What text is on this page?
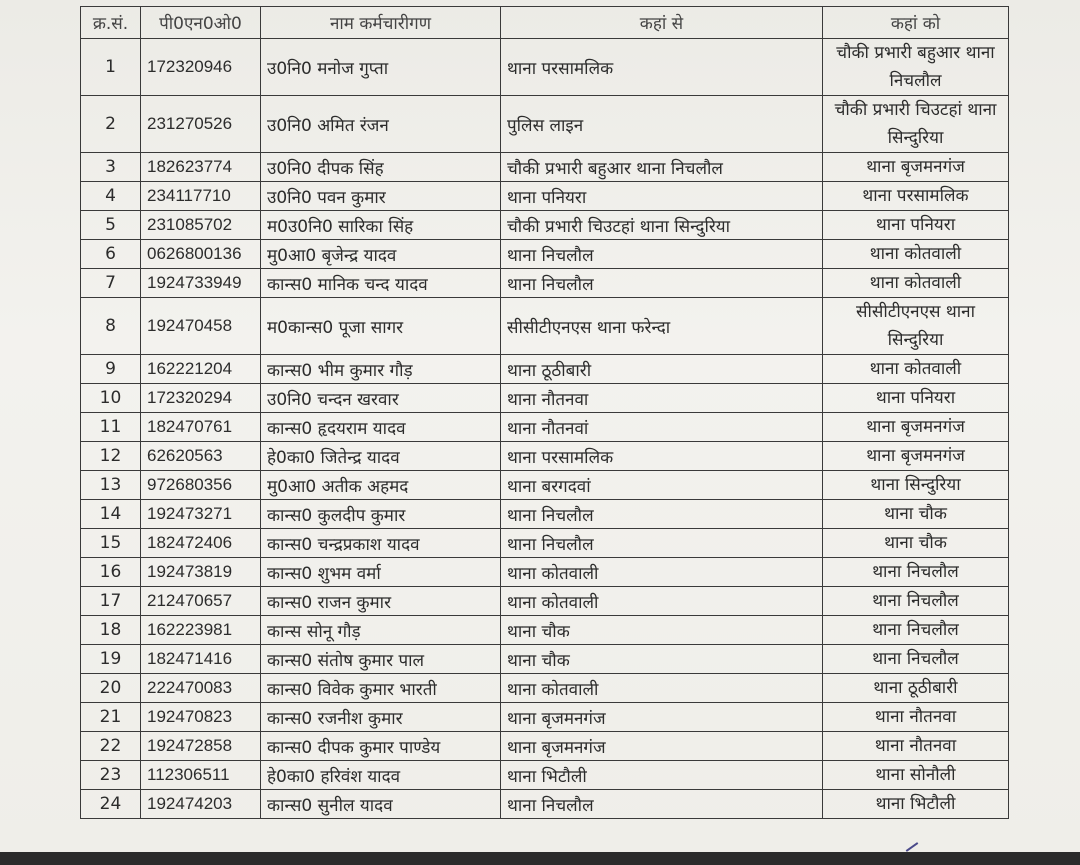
क्र.सं.	पी0एन0ओ0	नाम कर्मचारीगण	कहां से	कहां को
1	172320946	उ0नि0 मनोज गुप्ता	थाना परसामलिक	चौकी प्रभारी बहुआर थाना निचलौल
2	231270526	उ0नि0 अमित रंजन	पुलिस लाइन	चौकी प्रभारी चिउटहां थाना सिन्दुरिया
3	182623774	उ0नि0 दीपक सिंह	चौकी प्रभारी बहुआर थाना निचलौल	थाना बृजमनगंज
4	234117710	उ0नि0 पवन कुमार	थाना पनियरा	थाना परसामलिक
5	231085702	म0उ0नि0 सारिका सिंह	चौकी प्रभारी चिउटहां थाना सिन्दुरिया	थाना पनियरा
6	0626800136	मु0आ0 बृजेन्द्र यादव	थाना निचलौल	थाना कोतवाली
7	1924733949	कान्स0 मानिक चन्द यादव	थाना निचलौल	थाना कोतवाली
8	192470458	म0कान्स0 पूजा सागर	सीसीटीएनएस थाना फरेन्दा	सीसीटीएनएस थाना सिन्दुरिया
9	162221204	कान्स0 भीम कुमार गौड़	थाना ठूठीबारी	थाना कोतवाली
10	172320294	उ0नि0 चन्दन खरवार	थाना नौतनवा	थाना पनियरा
11	182470761	कान्स0 हृदयराम यादव	थाना नौतनवां	थाना बृजमनगंज
12	62620563	हे0का0 जितेन्द्र यादव	थाना परसामलिक	थाना बृजमनगंज
13	972680356	मु0आ0 अतीक अहमद	थाना बरगदवां	थाना सिन्दुरिया
14	192473271	कान्स0 कुलदीप कुमार	थाना निचलौल	थाना चौक
15	182472406	कान्स0 चन्द्रप्रकाश यादव	थाना निचलौल	थाना चौक
16	192473819	कान्स0 शुभम वर्मा	थाना कोतवाली	थाना निचलौल
17	212470657	कान्स0 राजन कुमार	थाना कोतवाली	थाना निचलौल
18	162223981	कान्स सोनू गौड़	थाना चौक	थाना निचलौल
19	182471416	कान्स0 संतोष कुमार पाल	थाना चौक	थाना निचलौल
20	222470083	कान्स0 विवेक कुमार भारती	थाना कोतवाली	थाना ठूठीबारी
21	192470823	कान्स0 रजनीश कुमार	थाना बृजमनगंज	थाना नौतनवा
22	192472858	कान्स0 दीपक कुमार पाण्डेय	थाना बृजमनगंज	थाना नौतनवा
23	112306511	हे0का0 हरिवंश यादव	थाना भिटौली	थाना सोनौली
24	192474203	कान्स0 सुनील यादव	थाना निचलौल	थाना भिटौली
